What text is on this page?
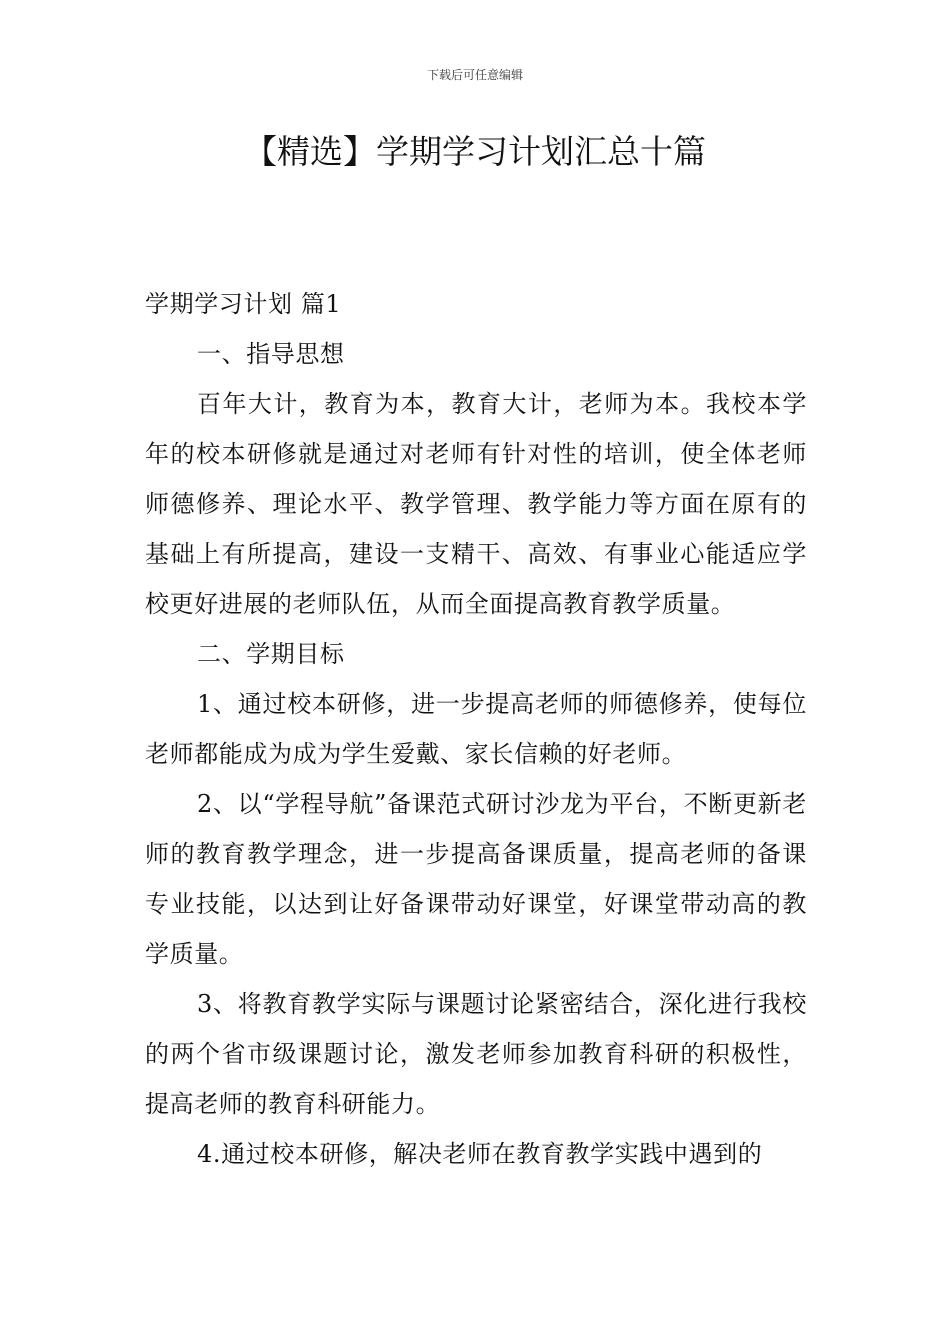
下载后可任意编辑
【精选】学期学习计划汇总十篇

学期学习计划 篇1

一、指导思想

百年大计，教育为本，教育大计，老师为本。我校本学年的校本研修就是通过对老师有针对性的培训，使全体老师师德修养、理论水平、教学管理、教学能力等方面在原有的基础上有所提高，建设一支精干、高效、有事业心能适应学校更好进展的老师队伍，从而全面提高教育教学质量。

二、学期目标

1、通过校本研修，进一步提高老师的师德修养，使每位老师都能成为成为学生爱戴、家长信赖的好老师。

2、以“学程导航”备课范式研讨沙龙为平台，不断更新老师的教育教学理念，进一步提高备课质量，提高老师的备课专业技能，以达到让好备课带动好课堂，好课堂带动高的教学质量。

3、将教育教学实际与课题讨论紧密结合，深化进行我校的两个省市级课题讨论，激发老师参加教育科研的积极性，提高老师的教育科研能力。

4.通过校本研修，解决老师在教育教学实践中遇到的
